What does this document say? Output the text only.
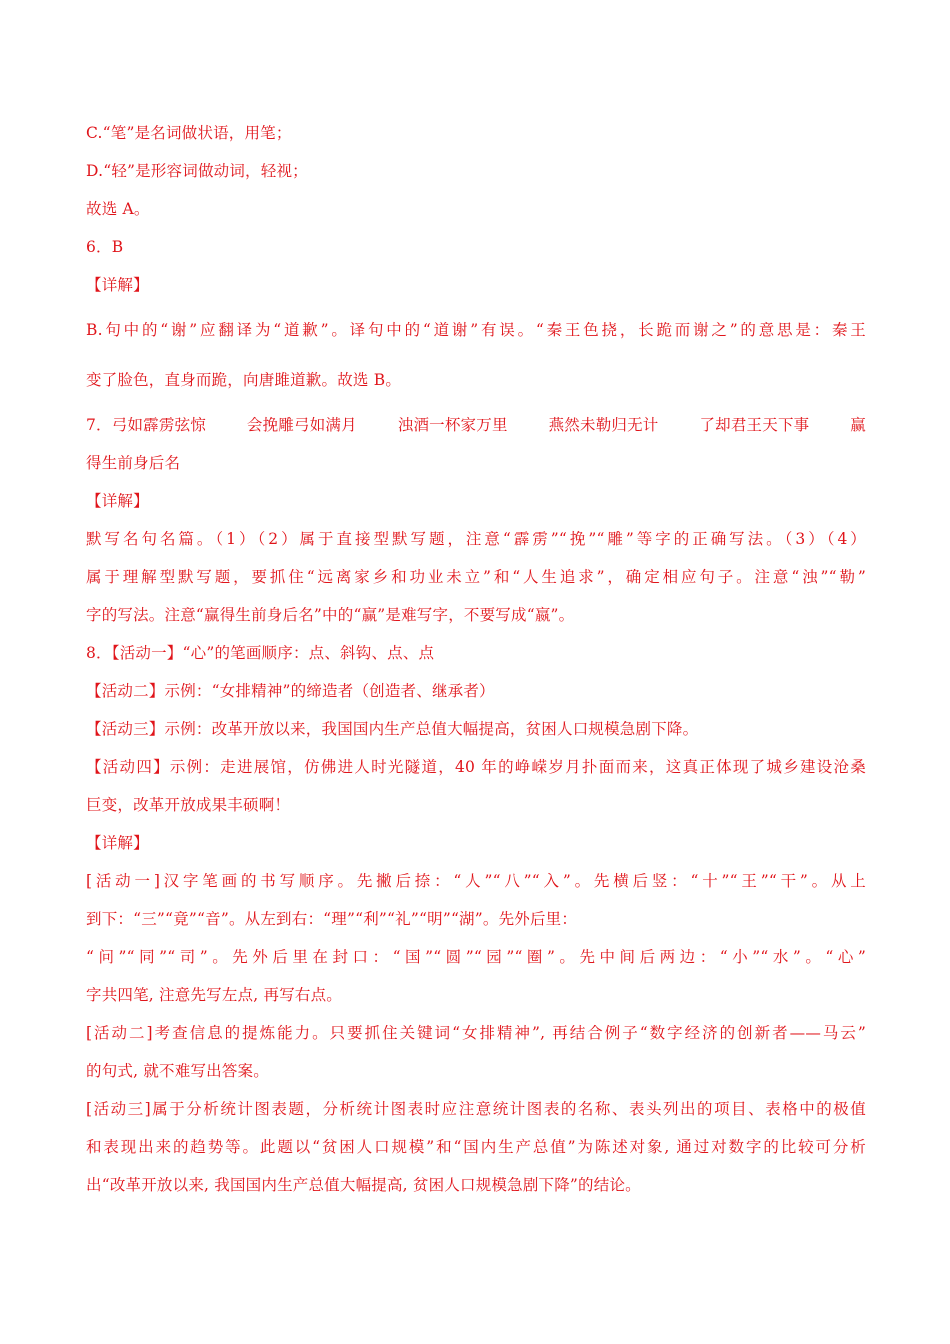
C.“笔”是名词做状语，用笔；
D.“轻”是形容词做动词，轻视；
故选 A。
6．B
【详解】
B.句中的“谢”应翻译为“道歉”。译句中的“道谢”有误。“秦王色挠，长跪而谢之”的意思是：秦王
变了脸色，直身而跪，向唐雎道歉。故选 B。
7．弓如霹雳弦惊	会挽雕弓如满月	浊酒一杯家万里	燕然未勒归无计	了却君王天下事	赢
得生前身后名
【详解】
默写名句名篇。（1）（2）属于直接型默写题，注意“霹雳”“挽”“雕”等字的正确写法。（3）（4）
属于理解型默写题，要抓住“远离家乡和功业未立”和“人生追求”，确定相应句子。注意“浊”“勒”
字的写法。注意“赢得生前身后名”中的“赢”是难写字，不要写成“嬴”。
8．【活动一】“心”的笔画顺序：点、斜钩、点、点
【活动二】示例：“女排精神”的缔造者（创造者、继承者）
【活动三】示例：改革开放以来，我国国内生产总值大幅提高，贫困人口规模急剧下降。
【活动四】示例：走进展馆，仿佛进人时光隧道，40 年的峥嵘岁月扑面而来，这真正体现了城乡建设沧桑
巨变，改革开放成果丰硕啊！
【详解】
[活动一]汉字笔画的书写顺序。先撇后捺：“人”“八”“入”。先横后竖：“十”“王”“干”。从上
到下：“三”“竟”“音”。从左到右：“理”“利”“礼”“明”“湖”。先外后里：
“问”“同”“司”。先外后里在封口：“国”“圆”“园”“圈”。先中间后两边：“小”“水”。“心”
字共四笔, 注意先写左点, 再写右点。
[活动二]考查信息的提炼能力。只要抓住关键词“女排精神”, 再结合例子“数字经济的创新者——马云”
的句式, 就不难写出答案。
[活动三]属于分析统计图表题，分析统计图表时应注意统计图表的名称、表头列出的项目、表格中的极值
和表现出来的趋势等。此题以“贫困人口规模”和“国内生产总值”为陈述对象, 通过对数字的比较可分析
出“改革开放以来, 我国国内生产总值大幅提高, 贫困人口规模急剧下降”的结论。
